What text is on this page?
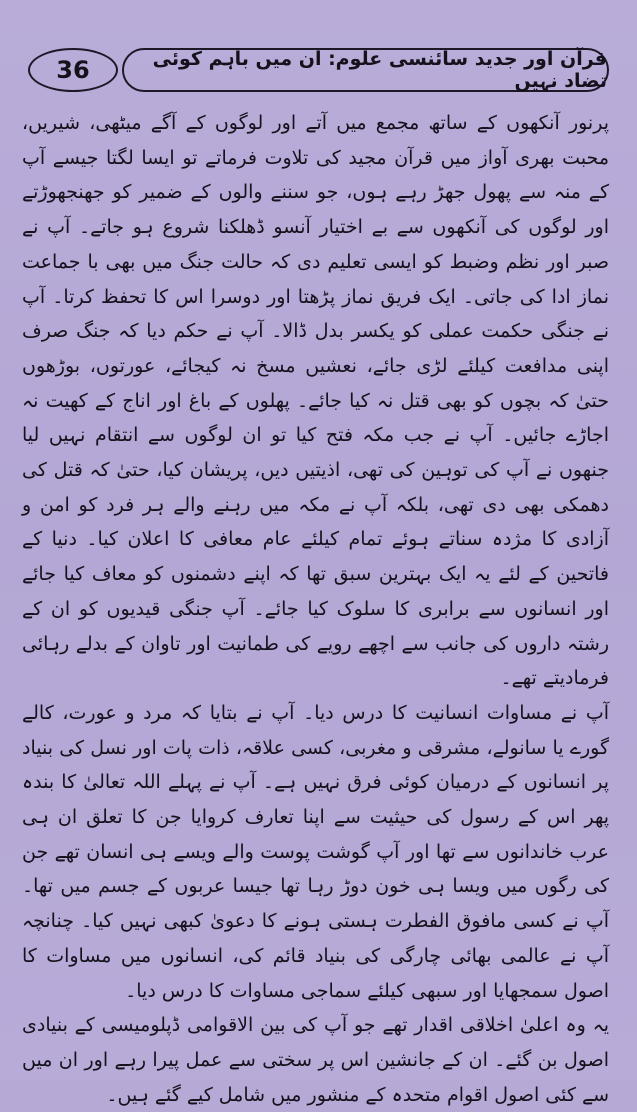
36	قرآن اور جدید سائنسی علوم: ان میں باہم کوئی تضاد نہیں

پرنور آنکھوں کے ساتھ مجمع میں آتے اور لوگوں کے آگے میٹھی، شیریں، محبت بھری آواز میں قرآن مجید کی تلاوت فرماتے تو ایسا لگتا جیسے آپ کے منہ سے پھول جھڑ رہے ہوں، جو سننے والوں کے ضمیر کو جھنجھوڑتے اور لوگوں کی آنکھوں سے بے اختیار آنسو ڈھلکنا شروع ہو جاتے۔ آپ نے صبر اور نظم وضبط کو ایسی تعلیم دی کہ حالت جنگ میں بھی با جماعت نماز ادا کی جاتی۔ ایک فریق نماز پڑھتا اور دوسرا اس کا تحفظ کرتا۔ آپ نے جنگی حکمت عملی کو یکسر بدل ڈالا۔ آپ نے حکم دیا کہ جنگ صرف اپنی مدافعت کیلئے لڑی جائے، نعشیں مسخ نہ کیجائے، عورتوں، بوڑھوں حتیٰ کہ بچوں کو بھی قتل نہ کیا جائے۔ پھلوں کے باغ اور اناج کے کھیت نہ اجاڑے جائیں۔ آپ نے جب مکہ فتح کیا تو ان لوگوں سے انتقام نہیں لیا جنھوں نے آپ کی توہین کی تھی، اذیتیں دیں، پریشان کیا، حتیٰ کہ قتل کی دھمکی بھی دی تھی، بلکہ آپ نے مکہ میں رہنے والے ہر فرد کو امن و آزادی کا مژدہ سناتے ہوئے تمام کیلئے عام معافی کا اعلان کیا۔ دنیا کے فاتحین کے لئے یہ ایک بہترین سبق تھا کہ اپنے دشمنوں کو معاف کیا جائے اور انسانوں سے برابری کا سلوک کیا جائے۔ آپ جنگی قیدیوں کو ان کے رشتہ داروں کی جانب سے اچھے رویے کی طمانیت اور تاوان کے بدلے رہائی فرمادیتے تھے۔

آپ نے مساوات انسانیت کا درس دیا۔ آپ نے بتایا کہ مرد و عورت، کالے گورے یا سانولے، مشرقی و مغربی، کسی علاقہ، ذات پات اور نسل کی بنیاد پر انسانوں کے درمیان کوئی فرق نہیں ہے۔ آپ نے پہلے اللہ تعالیٰ کا بندہ پھر اس کے رسول کی حیثیت سے اپنا تعارف کروایا جن کا تعلق ان ہی عرب خاندانوں سے تھا اور آپ گوشت پوست والے ویسے ہی انسان تھے جن کی رگوں میں ویسا ہی خون دوڑ رہا تھا جیسا عربوں کے جسم میں تھا۔ آپ نے کسی مافوق الفطرت ہستی ہونے کا دعویٰ کبھی نہیں کیا۔ چنانچہ آپ نے عالمی بھائی چارگی کی بنیاد قائم کی، انسانوں میں مساوات کا اصول سمجھایا اور سبھی کیلئے سماجی مساوات کا درس دیا۔

یہ وہ اعلیٰ اخلاقی اقدار تھے جو آپ کی بین الاقوامی ڈپلومیسی کے بنیادی اصول بن گئے۔ ان کے جانشین اس پر سختی سے عمل پیرا رہے اور ان میں سے کئی اصول اقوام متحدہ کے منشور میں شامل کیے گئے ہیں۔
